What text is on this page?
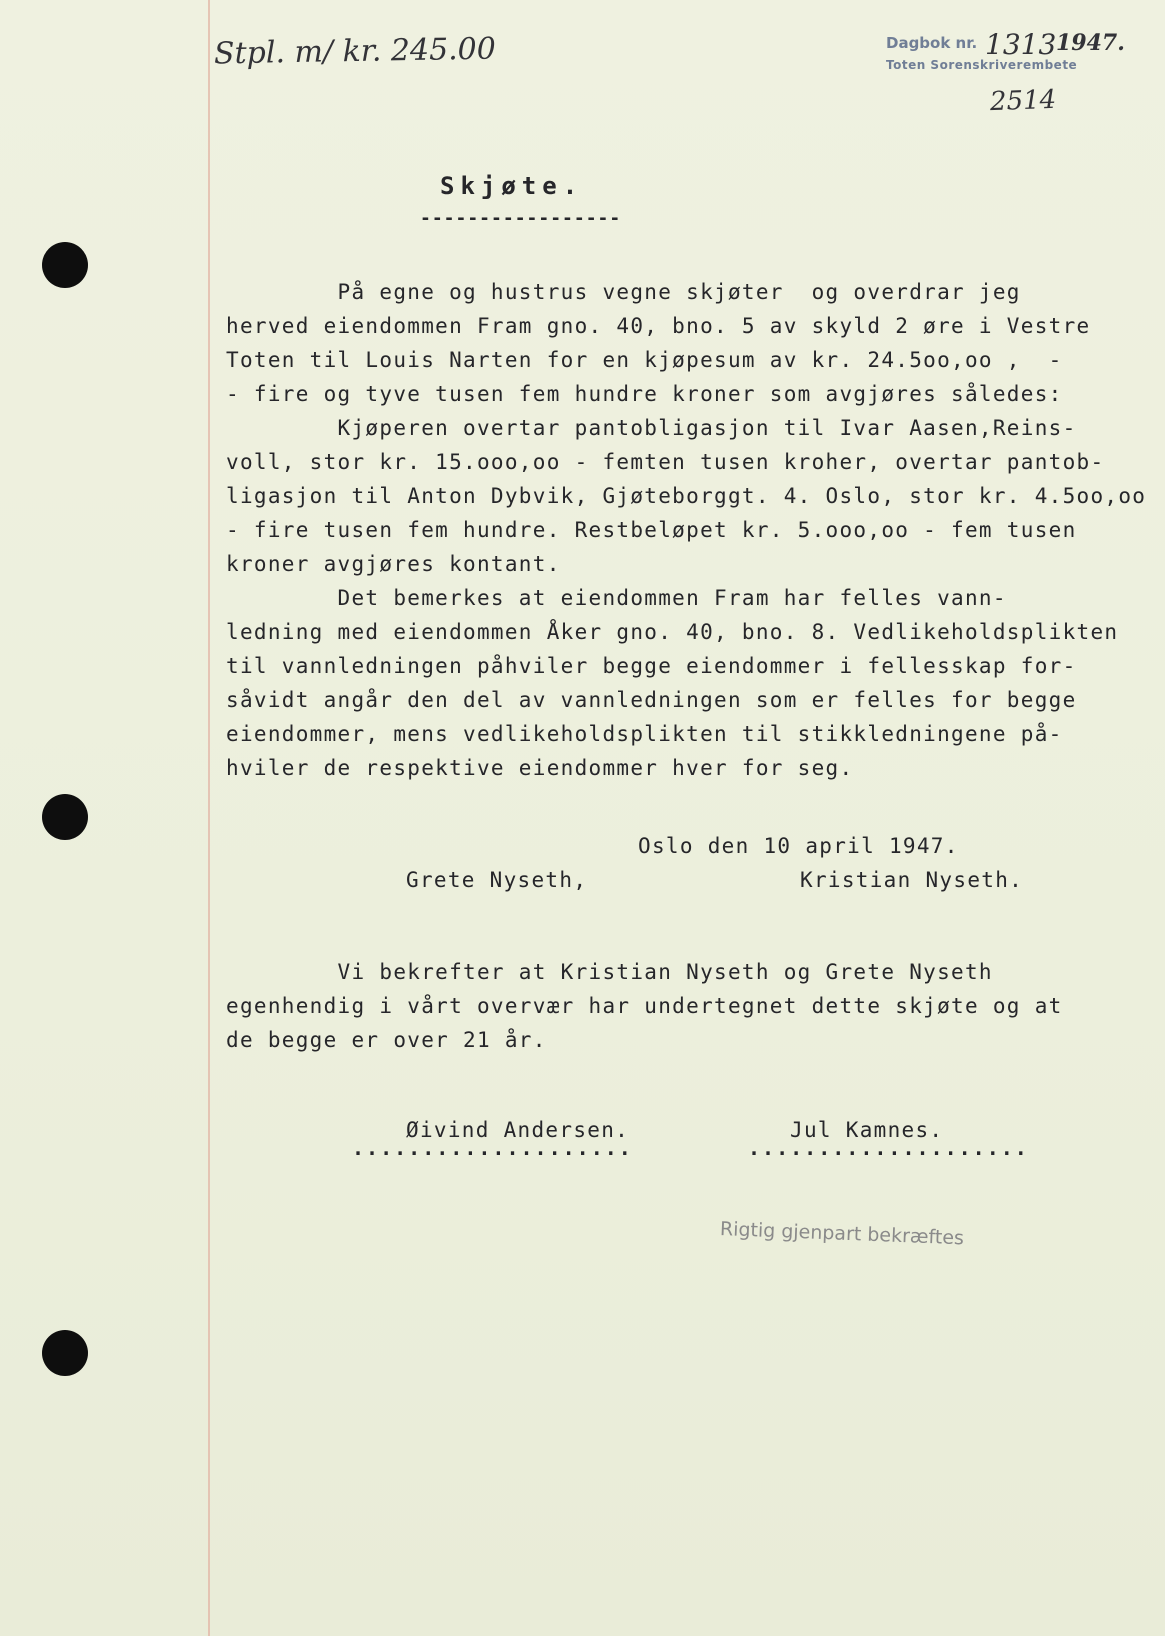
Stpl. m/ kr. 245.00	Dagbok nr. 1313 1947.
Toten Sorenskriverembete
2514
Skjøte.
-----------------
På egne og hustrus vegne skjøter  og overdrar jeg
herved eiendommen Fram gno. 40, bno. 5 av skyld 2 øre i Vestre
Toten til Louis Narten for en kjøpesum av kr. 24.5oo,oo ,  -
- fire og tyve tusen fem hundre kroner som avgjøres således:
Kjøperen overtar pantobligasjon til Ivar Aasen,Reins-
voll, stor kr. 15.ooo,oo - femten tusen kroher, overtar pantob-
ligasjon til Anton Dybvik, Gjøteborggt. 4. Oslo, stor kr. 4.5oo,oo
- fire tusen fem hundre. Restbeløpet kr. 5.ooo,oo - fem tusen
kroner avgjøres kontant.
Det bemerkes at eiendommen Fram har felles vann-
ledning med eiendommen Åker gno. 40, bno. 8. Vedlikeholdsplikten
til vannledningen påhviler begge eiendommer i fellesskap for-
såvidt angår den del av vannledningen som er felles for begge
eiendommer, mens vedlikeholdsplikten til stikkledningene på-
hviler de respektive eiendommer hver for seg.
Oslo den 10 april 1947.
Grete Nyseth,	Kristian Nyseth.
Vi bekrefter at Kristian Nyseth og Grete Nyseth
egenhendig i vårt overvær har undertegnet dette skjøte og at
de begge er over 21 år.
Øivind Andersen.	Jul Kamnes.
....................	....................
Rigtig gjenpart bekræftes
